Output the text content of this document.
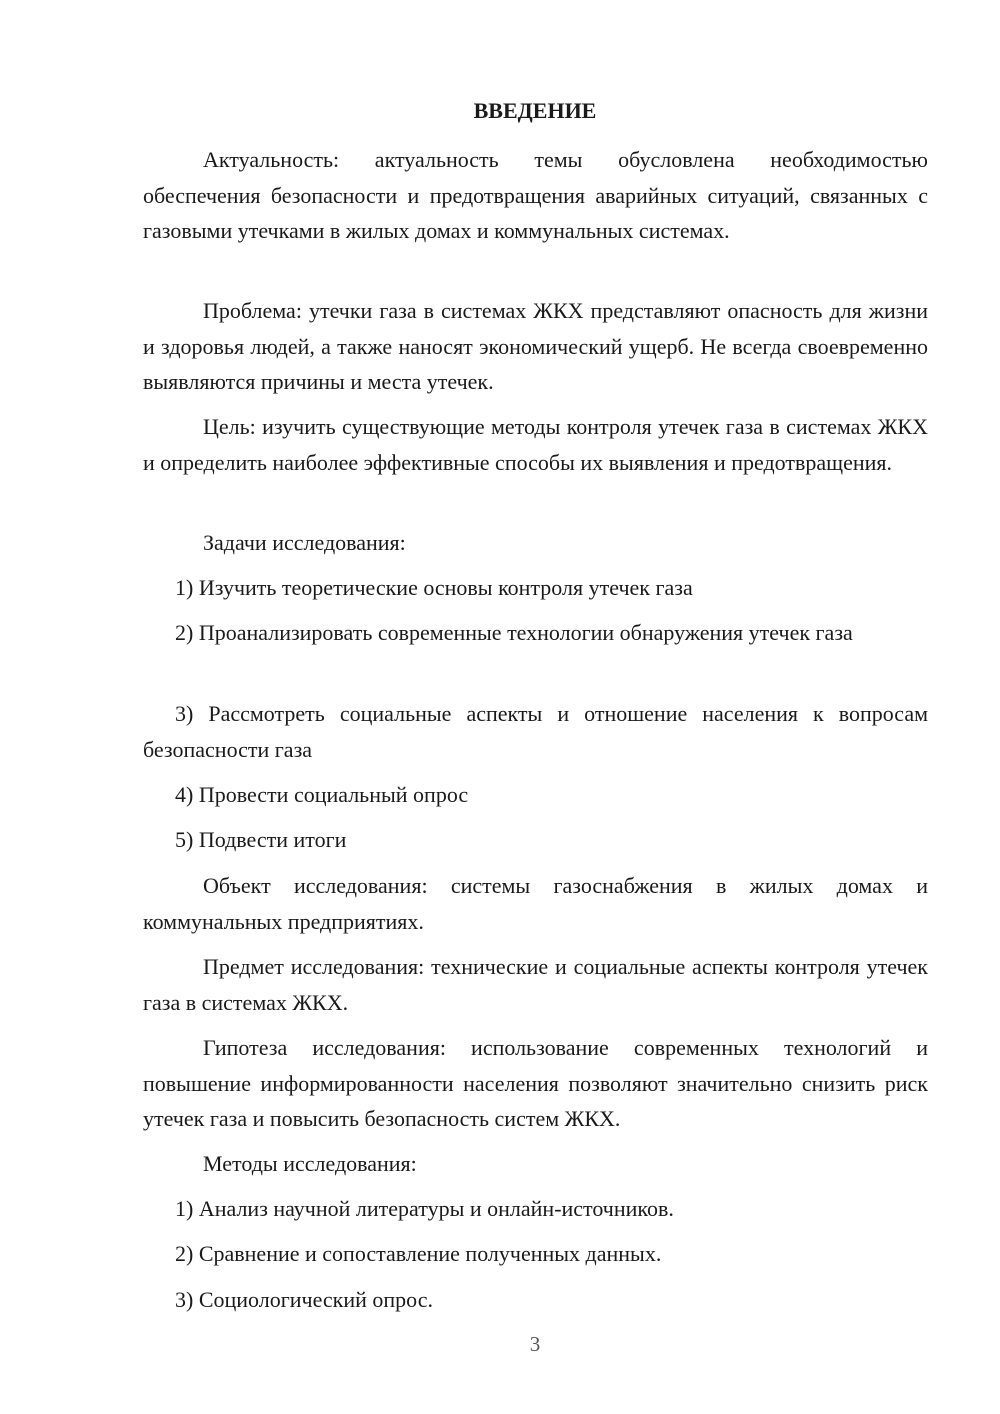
ВВЕДЕНИЕ

Актуальность: актуальность темы обусловлена необходимостью обеспечения безопасности и предотвращения аварийных ситуаций, связанных с газовыми утечками в жилых домах и коммунальных системах.

Проблема: утечки газа в системах ЖКХ представляют опасность для жизни и здоровья людей, а также наносят экономический ущерб. Не всегда своевременно выявляются причины и места утечек.

Цель: изучить существующие методы контроля утечек газа в системах ЖКХ и определить наиболее эффективные способы их выявления и предотвращения.

Задачи исследования:

1) Изучить теоретические основы контроля утечек газа

2) Проанализировать современные технологии обнаружения утечек газа

3) Рассмотреть социальные аспекты и отношение населения к вопросам безопасности газа

4) Провести социальный опрос

5) Подвести итоги

Объект исследования: системы газоснабжения в жилых домах и коммунальных предприятиях.

Предмет исследования: технические и социальные аспекты контроля утечек газа в системах ЖКХ.

Гипотеза исследования: использование современных технологий и повышение информированности населения позволяют значительно снизить риск утечек газа и повысить безопасность систем ЖКХ.

Методы исследования:

1) Анализ научной литературы и онлайн-источников.

2) Сравнение и сопоставление полученных данных.

3) Социологический опрос.

3
